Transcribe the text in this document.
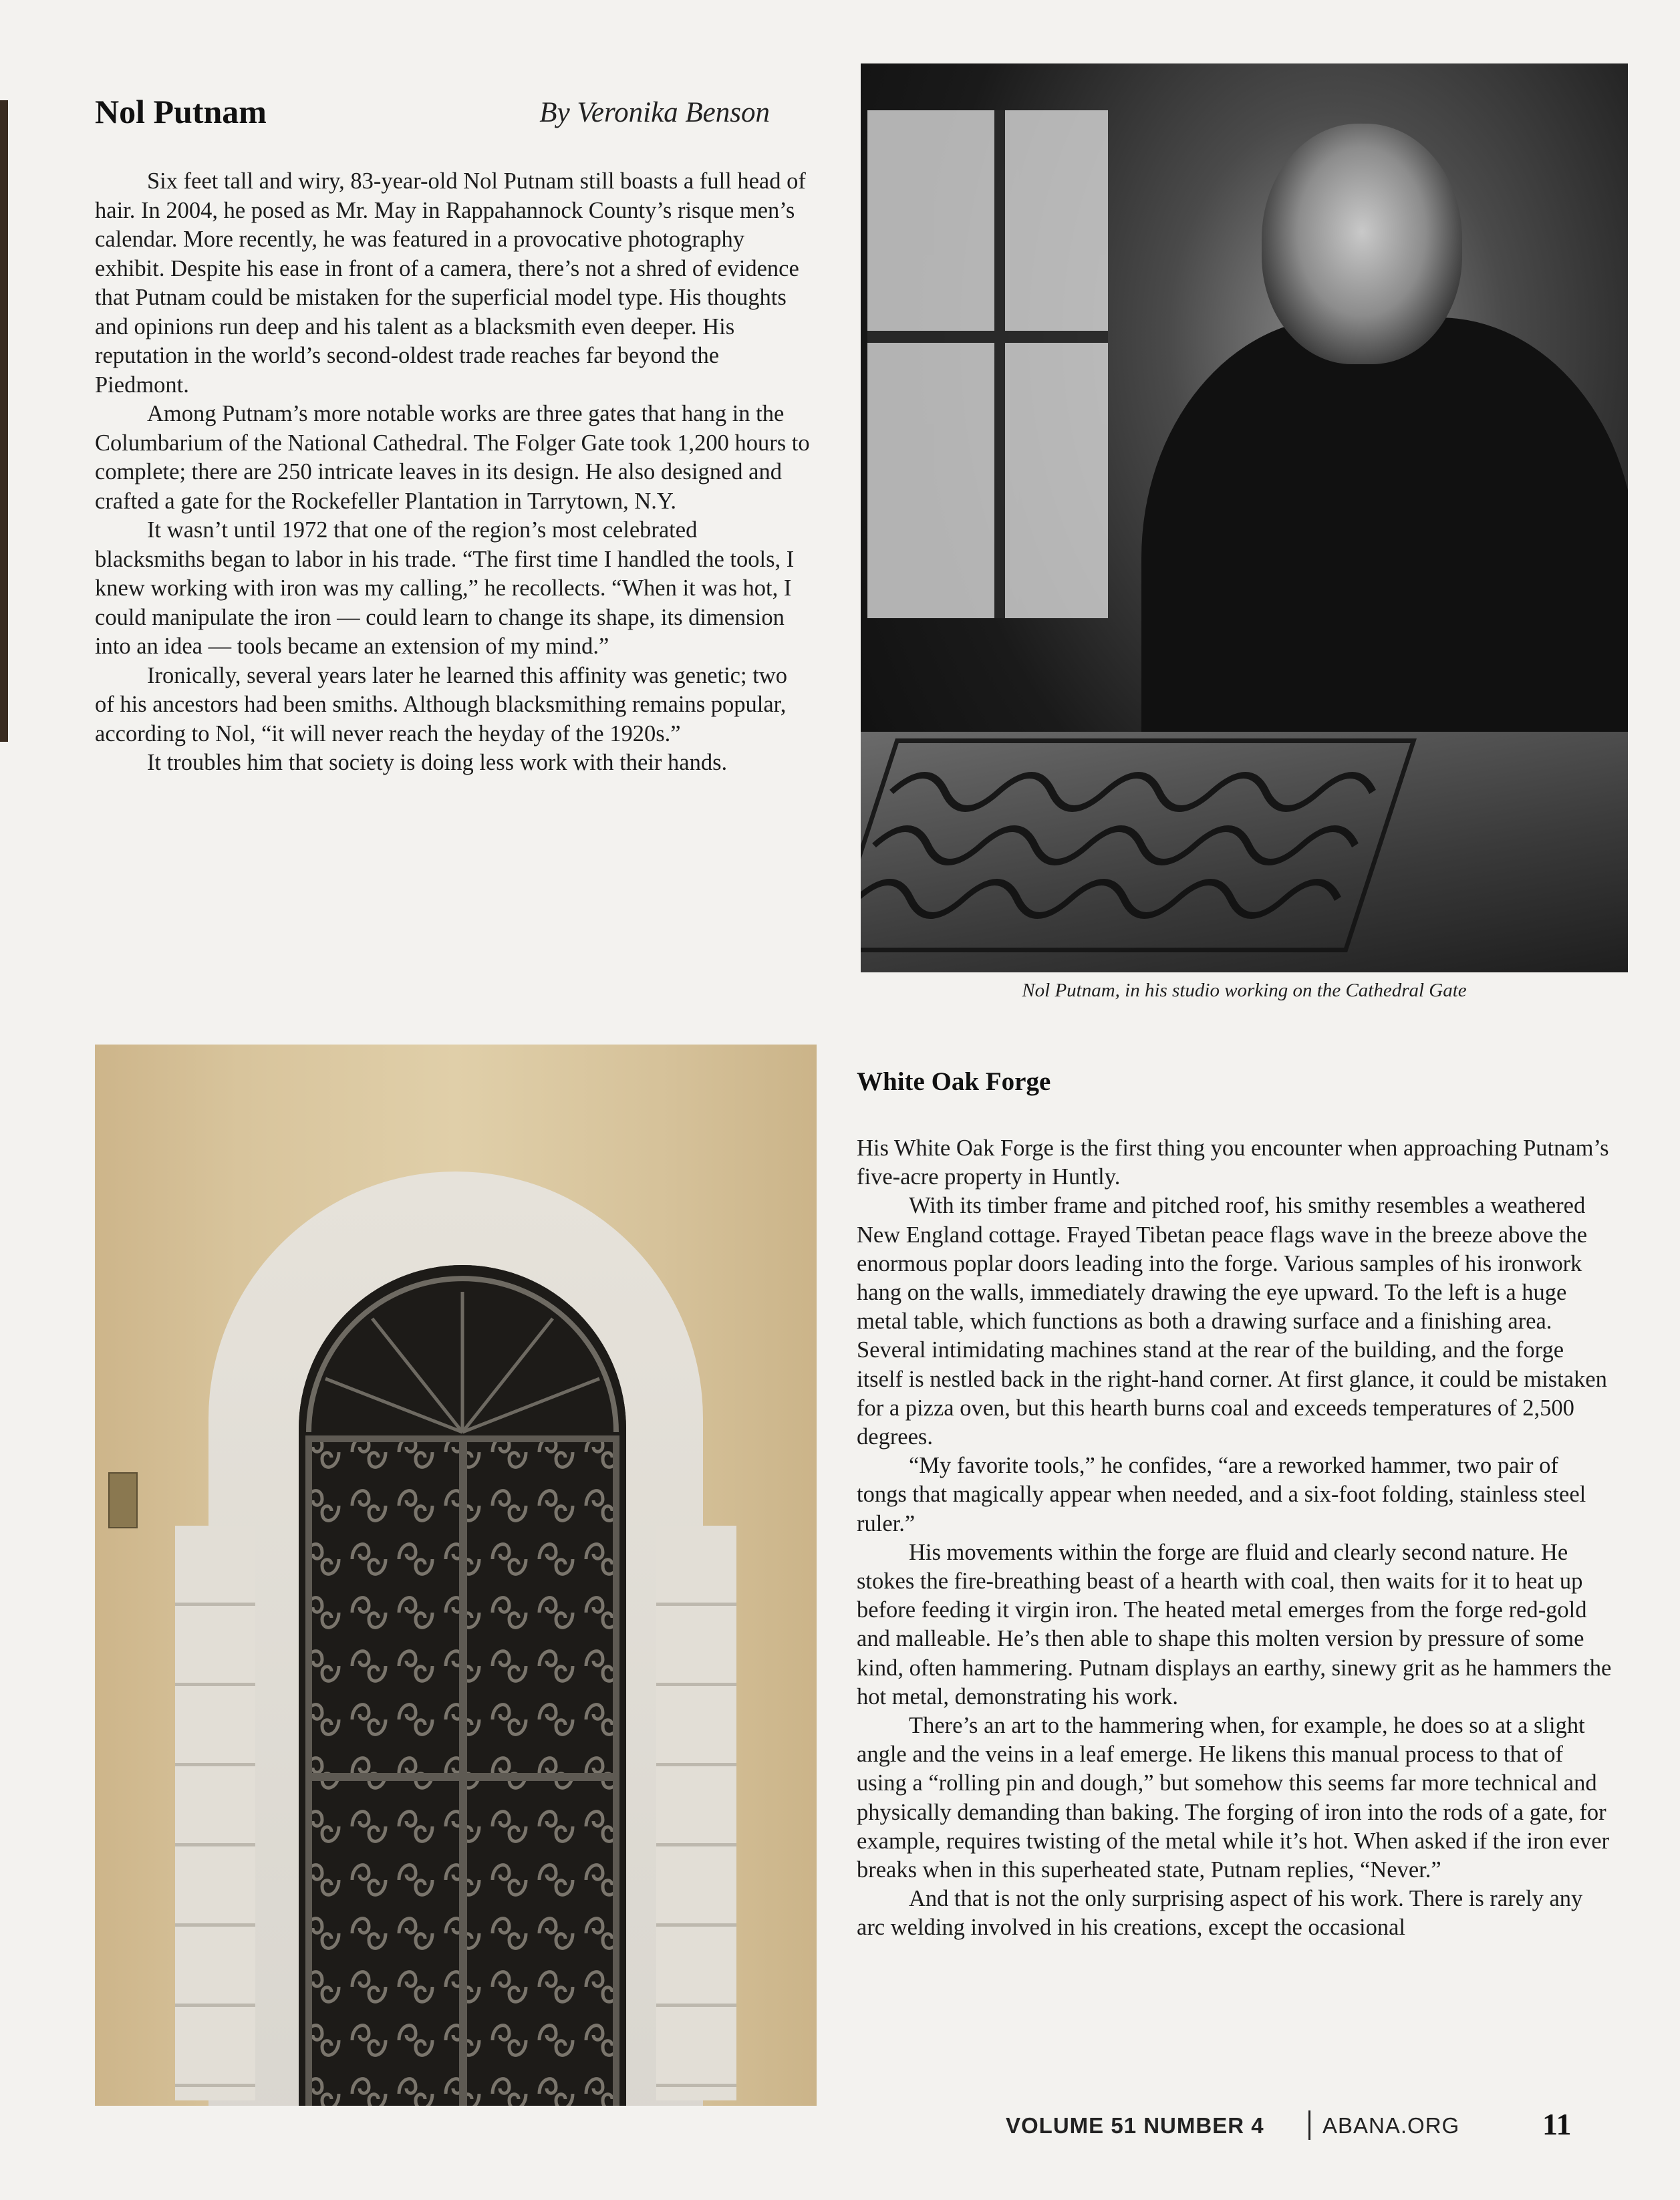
Nol Putnam	By Veronika Benson

Six feet tall and wiry, 83-year-old Nol Putnam still boasts a full head of hair. In 2004, he posed as Mr. May in Rappahannock County’s risque men’s calendar. More recently, he was featured in a provocative photography exhibit. Despite his ease in front of a camera, there’s not a shred of evidence that Putnam could be mistaken for the superficial model type. His thoughts and opinions run deep and his talent as a blacksmith even deeper. His reputation in the world’s second-oldest trade reaches far beyond the Piedmont.

Among Putnam’s more notable works are three gates that hang in the Columbarium of the National Cathedral. The Folger Gate took 1,200 hours to complete; there are 250 intricate leaves in its design. He also designed and crafted a gate for the Rockefeller Plantation in Tarrytown, N.Y.

It wasn’t until 1972 that one of the region’s most celebrated blacksmiths began to labor in his trade. “The first time I handled the tools, I knew working with iron was my calling,” he recollects. “When it was hot, I could manipulate the iron — could learn to change its shape, its dimension into an idea — tools became an extension of my mind.”

Ironically, several years later he learned this affinity was genetic; two of his ancestors had been smiths. Although blacksmithing remains popular, according to Nol, “it will never reach the heyday of the 1920s.”

It troubles him that society is doing less work with their hands.

Nol Putnam, in his studio working on the Cathedral Gate
White Oak Forge

His White Oak Forge is the first thing you encounter when approaching Putnam’s five-acre property in Huntly.

With its timber frame and pitched roof, his smithy resembles a weathered New England cottage. Frayed Tibetan peace flags wave in the breeze above the enormous poplar doors leading into the forge. Various samples of his ironwork hang on the walls, immediately drawing the eye upward. To the left is a huge metal table, which functions as both a drawing surface and a finishing area. Several intimidating machines stand at the rear of the building, and the forge itself is nestled back in the right-hand corner. At first glance, it could be mistaken for a pizza oven, but this hearth burns coal and exceeds temperatures of 2,500 degrees.

“My favorite tools,” he confides, “are a reworked hammer, two pair of tongs that magically appear when needed, and a six-foot folding, stainless steel ruler.”

His movements within the forge are fluid and clearly second nature. He stokes the fire-breathing beast of a hearth with coal, then waits for it to heat up before feeding it virgin iron. The heated metal emerges from the forge red-gold and malleable. He’s then able to shape this molten version by pressure of some kind, often hammering. Putnam displays an earthy, sinewy grit as he hammers the hot metal, demonstrating his work.

There’s an art to the hammering when, for example, he does so at a slight angle and the veins in a leaf emerge. He likens this manual process to that of using a “rolling pin and dough,” but somehow this seems far more technical and physically demanding than baking. The forging of iron into the rods of a gate, for example, requires twisting of the metal while it’s hot. When asked if the iron ever breaks when in this superheated state, Putnam replies, “Never.”

And that is not the only surprising aspect of his work. There is rarely any arc welding involved in his creations, except the occasional

VOLUME 51 NUMBER 4	ABANA.ORG	11
